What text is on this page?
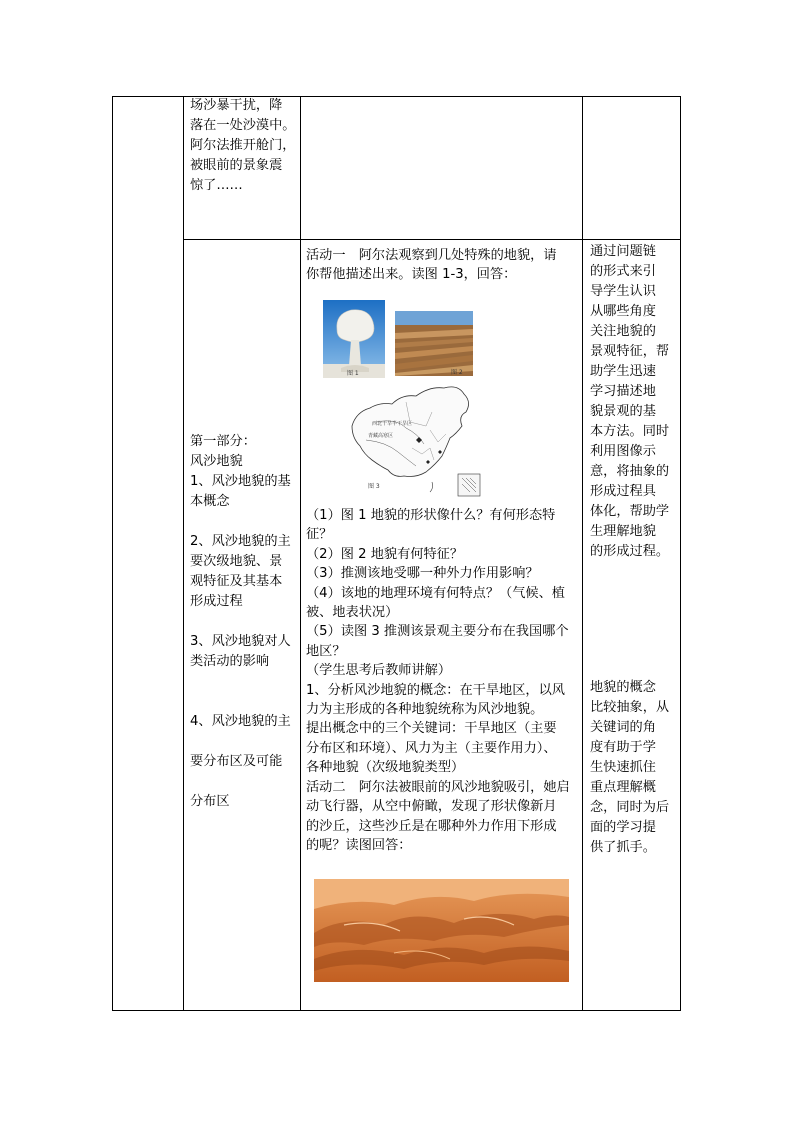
场沙暴干扰，降

落在一处沙漠中。

阿尔法推开舱门，

被眼前的景象震

惊了……

第一部分：

风沙地貌

1、风沙地貌的基

本概念

2、风沙地貌的主

要次级地貌、景

观特征及其基本

形成过程

3、风沙地貌对人

类活动的影响

4、风沙地貌的主

要分布区及可能

分布区

活动一　阿尔法观察到几处特殊的地貌，请
你帮他描述出来。读图 1-3，回答：
图 1	图 2
西北干旱半干旱区
青藏高寒区
图 3
（1）图 1 地貌的形状像什么？有何形态特
征？
（2）图 2 地貌有何特征？
（3）推测该地受哪一种外力作用影响？
（4）该地的地理环境有何特点？（气候、植
被、地表状况）
（5）读图 3 推测该景观主要分布在我国哪个
地区？
（学生思考后教师讲解）
1、分析风沙地貌的概念：在干旱地区，以风
力为主形成的各种地貌统称为风沙地貌。
提出概念中的三个关键词：干旱地区（主要
分布区和环境）、风力为主（主要作用力）、
各种地貌（次级地貌类型）
活动二　阿尔法被眼前的风沙地貌吸引，她启
动飞行器，从空中俯瞰，发现了形状像新月
的沙丘，这些沙丘是在哪种外力作用下形成
的呢？读图回答：

通过问题链

的形式来引

导学生认识

从哪些角度

关注地貌的

景观特征，帮

助学生迅速

学习描述地

貌景观的基

本方法。同时

利用图像示

意，将抽象的

形成过程具

体化，帮助学

生理解地貌

的形成过程。

地貌的概念

比较抽象，从

关键词的角

度有助于学

生快速抓住

重点理解概

念，同时为后

面的学习提

供了抓手。
